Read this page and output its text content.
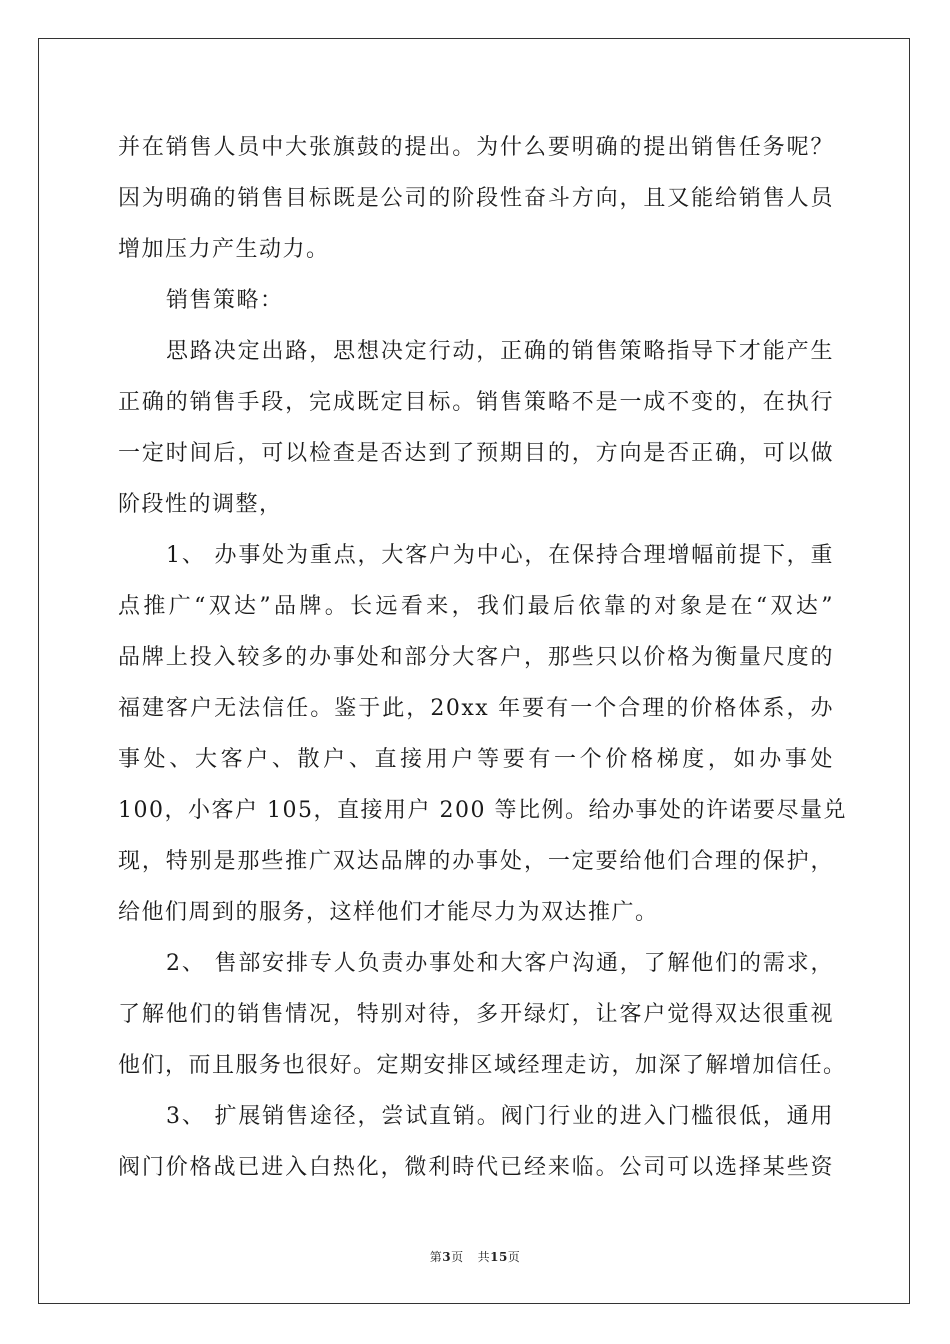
并在销售人员中大张旗鼓的提出。为什么要明确的提出销售任务呢？
因为明确的销售目标既是公司的阶段性奋斗方向，且又能给销售人员
增加压力产生动力。
销售策略：
思路决定出路，思想决定行动，正确的销售策略指导下才能产生
正确的销售手段，完成既定目标。销售策略不是一成不变的，在执行
一定时间后，可以检查是否达到了预期目的，方向是否正确，可以做
阶段性的调整，
1、 办事处为重点，大客户为中心，在保持合理增幅前提下，重
点推广“双达”品牌。长远看来，我们最后依靠的对象是在“双达”
品牌上投入较多的办事处和部分大客户，那些只以价格为衡量尺度的
福建客户无法信任。鉴于此，20xx 年要有一个合理的价格体系，办
事处、大客户、散户、直接用户等要有一个价格梯度，如办事处
100，小客户 105，直接用户 200 等比例。给办事处的许诺要尽量兑
现，特别是那些推广双达品牌的办事处，一定要给他们合理的保护，
给他们周到的服务，这样他们才能尽力为双达推广。
2、 售部安排专人负责办事处和大客户沟通，了解他们的需求，
了解他们的销售情况，特别对待，多开绿灯，让客户觉得双达很重视
他们，而且服务也很好。定期安排区域经理走访，加深了解增加信任。
3、 扩展销售途径，尝试直销。阀门行业的进入门槛很低，通用
阀门价格战已进入白热化，微利時代已经来临。公司可以选择某些资
第3页 共15页
